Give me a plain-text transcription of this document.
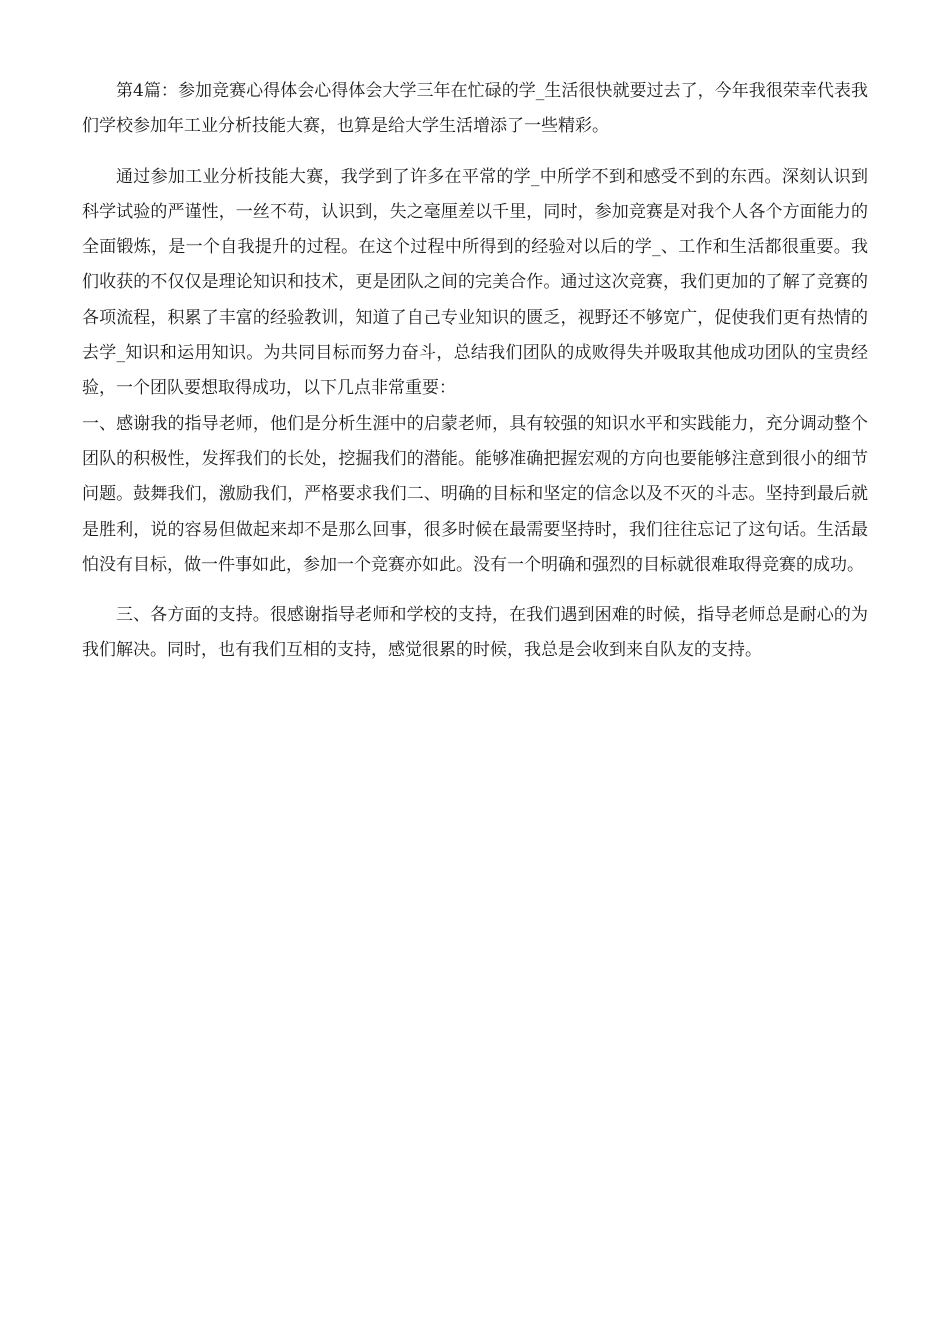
第4篇：参加竞赛心得体会心得体会大学三年在忙碌的学_生活很快就要过去了，今年我很荣幸代表我们学校参加年工业分析技能大赛，也算是给大学生活增添了一些精彩。

通过参加工业分析技能大赛，我学到了许多在平常的学_中所学不到和感受不到的东西。深刻认识到科学试验的严谨性，一丝不苟，认识到，失之毫厘差以千里，同时，参加竞赛是对我个人各个方面能力的全面锻炼，是一个自我提升的过程。在这个过程中所得到的经验对以后的学_、工作和生活都很重要。我们收获的不仅仅是理论知识和技术，更是团队之间的完美合作。通过这次竞赛，我们更加的了解了竞赛的各项流程，积累了丰富的经验教训，知道了自己专业知识的匮乏，视野还不够宽广，促使我们更有热情的去学_知识和运用知识。为共同目标而努力奋斗，总结我们团队的成败得失并吸取其他成功团队的宝贵经验，一个团队要想取得成功，以下几点非常重要：

一、感谢我的指导老师，他们是分析生涯中的启蒙老师，具有较强的知识水平和实践能力，充分调动整个团队的积极性，发挥我们的长处，挖掘我们的潜能。能够准确把握宏观的方向也要能够注意到很小的细节问题。鼓舞我们，激励我们，严格要求我们二、明确的目标和坚定的信念以及不灭的斗志。坚持到最后就是胜利，说的容易但做起来却不是那么回事，很多时候在最需要坚持时，我们往往忘记了这句话。生活最怕没有目标，做一件事如此，参加一个竞赛亦如此。没有一个明确和强烈的目标就很难取得竞赛的成功。

三、各方面的支持。很感谢指导老师和学校的支持，在我们遇到困难的时候，指导老师总是耐心的为我们解决。同时，也有我们互相的支持，感觉很累的时候，我总是会收到来自队友的支持。
